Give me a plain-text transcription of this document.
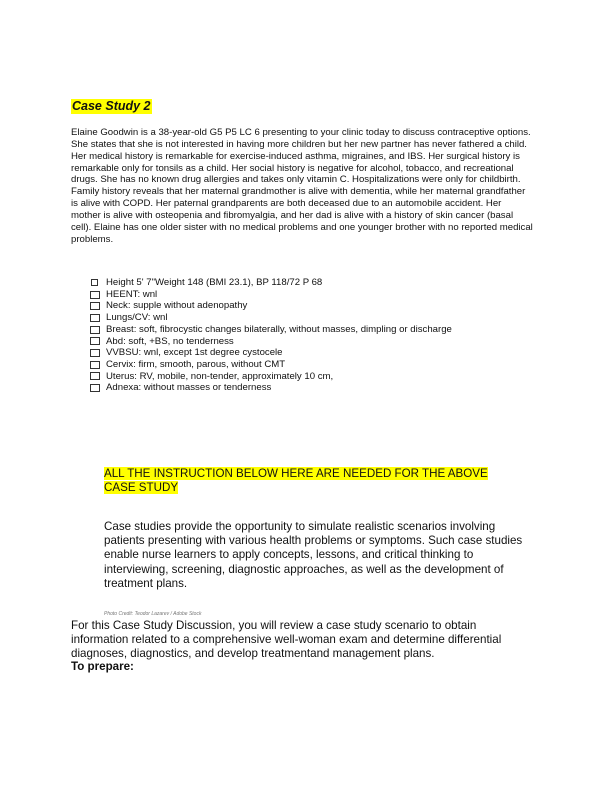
Case Study 2

Elaine Goodwin is a 38-year-old G5 P5 LC 6 presenting to your clinic today to discuss contraceptive options. She states that she is not interested in having more children but her new partner has never fathered a child. Her medical history is remarkable for exercise-induced asthma, migraines, and IBS. Her surgical history is remarkable only for tonsils as a child. Her social history is negative for alcohol, tobacco, and recreational drugs. She has no known drug allergies and takes only vitamin C. Hospitalizations were only for childbirth. Family history reveals that her maternal grandmother is alive with dementia, while her maternal grandfather is alive with COPD. Her paternal grandparents are both deceased due to an automobile accident. Her mother is alive with osteopenia and fibromyalgia, and her dad is alive with a history of skin cancer (basal cell). Elaine has one older sister with no medical problems and one younger brother with no reported medical problems.

Height 5' 7"Weight 148 (BMI 23.1), BP 118/72 P 68
HEENT: wnl
Neck: supple without adenopathy
Lungs/CV: wnl
Breast: soft, fibrocystic changes bilaterally, without masses, dimpling or discharge
Abd: soft, +BS, no tenderness
VVBSU: wnl, except 1st degree cystocele
Cervix: firm, smooth, parous, without CMT
Uterus: RV, mobile, non-tender, approximately 10 cm,
Adnexa: without masses or tenderness

ALL THE INSTRUCTION BELOW HERE ARE NEEDED FOR THE ABOVE CASE STUDY

Case studies provide the opportunity to simulate realistic scenarios involving patients presenting with various health problems or symptoms. Such case studies enable nurse learners to apply concepts, lessons, and critical thinking to interviewing, screening, diagnostic approaches, as well as the development of treatment plans.

Photo Credit: Teodor Lazarev / Adobe Stock

For this Case Study Discussion, you will review a case study scenario to obtain information related to a comprehensive well-woman exam and determine differential diagnoses, diagnostics, and develop treatmentand management plans.

To prepare:
